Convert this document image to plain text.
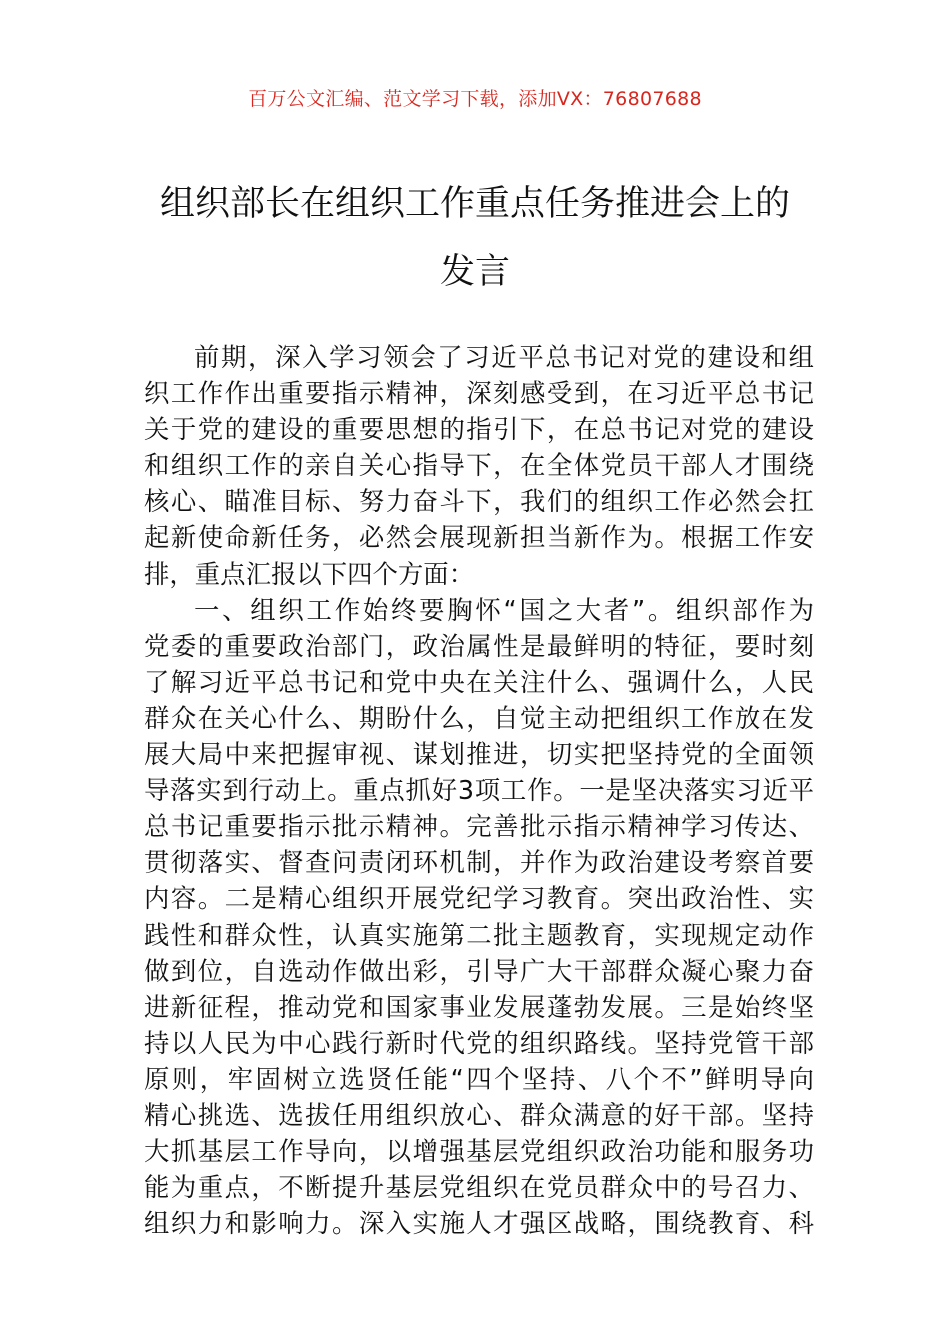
百万公文汇编、范文学习下载，添加VX：76807688
组织部长在组织工作重点任务推进会上的
发言
前期，深入学习领会了习近平总书记对党的建设和组
织工作作出重要指示精神，深刻感受到，在习近平总书记
关于党的建设的重要思想的指引下，在总书记对党的建设
和组织工作的亲自关心指导下，在全体党员干部人才围绕
核心、瞄准目标、努力奋斗下，我们的组织工作必然会扛
起新使命新任务，必然会展现新担当新作为。根据工作安
排，重点汇报以下四个方面：
一、组织工作始终要胸怀“国之大者”。组织部作为
党委的重要政治部门，政治属性是最鲜明的特征，要时刻
了解习近平总书记和党中央在关注什么、强调什么，人民
群众在关心什么、期盼什么，自觉主动把组织工作放在发
展大局中来把握审视、谋划推进，切实把坚持党的全面领
导落实到行动上。重点抓好3项工作。一是坚决落实习近平
总书记重要指示批示精神。完善批示指示精神学习传达、
贯彻落实、督查问责闭环机制，并作为政治建设考察首要
内容。二是精心组织开展党纪学习教育。突出政治性、实
践性和群众性，认真实施第二批主题教育，实现规定动作
做到位，自选动作做出彩，引导广大干部群众凝心聚力奋
进新征程，推动党和国家事业发展蓬勃发展。三是始终坚
持以人民为中心践行新时代党的组织路线。坚持党管干部
原则，牢固树立选贤任能“四个坚持、八个不”鲜明导向
精心挑选、选拔任用组织放心、群众满意的好干部。坚持
大抓基层工作导向，以增强基层党组织政治功能和服务功
能为重点，不断提升基层党组织在党员群众中的号召力、
组织力和影响力。深入实施人才强区战略，围绕教育、科
